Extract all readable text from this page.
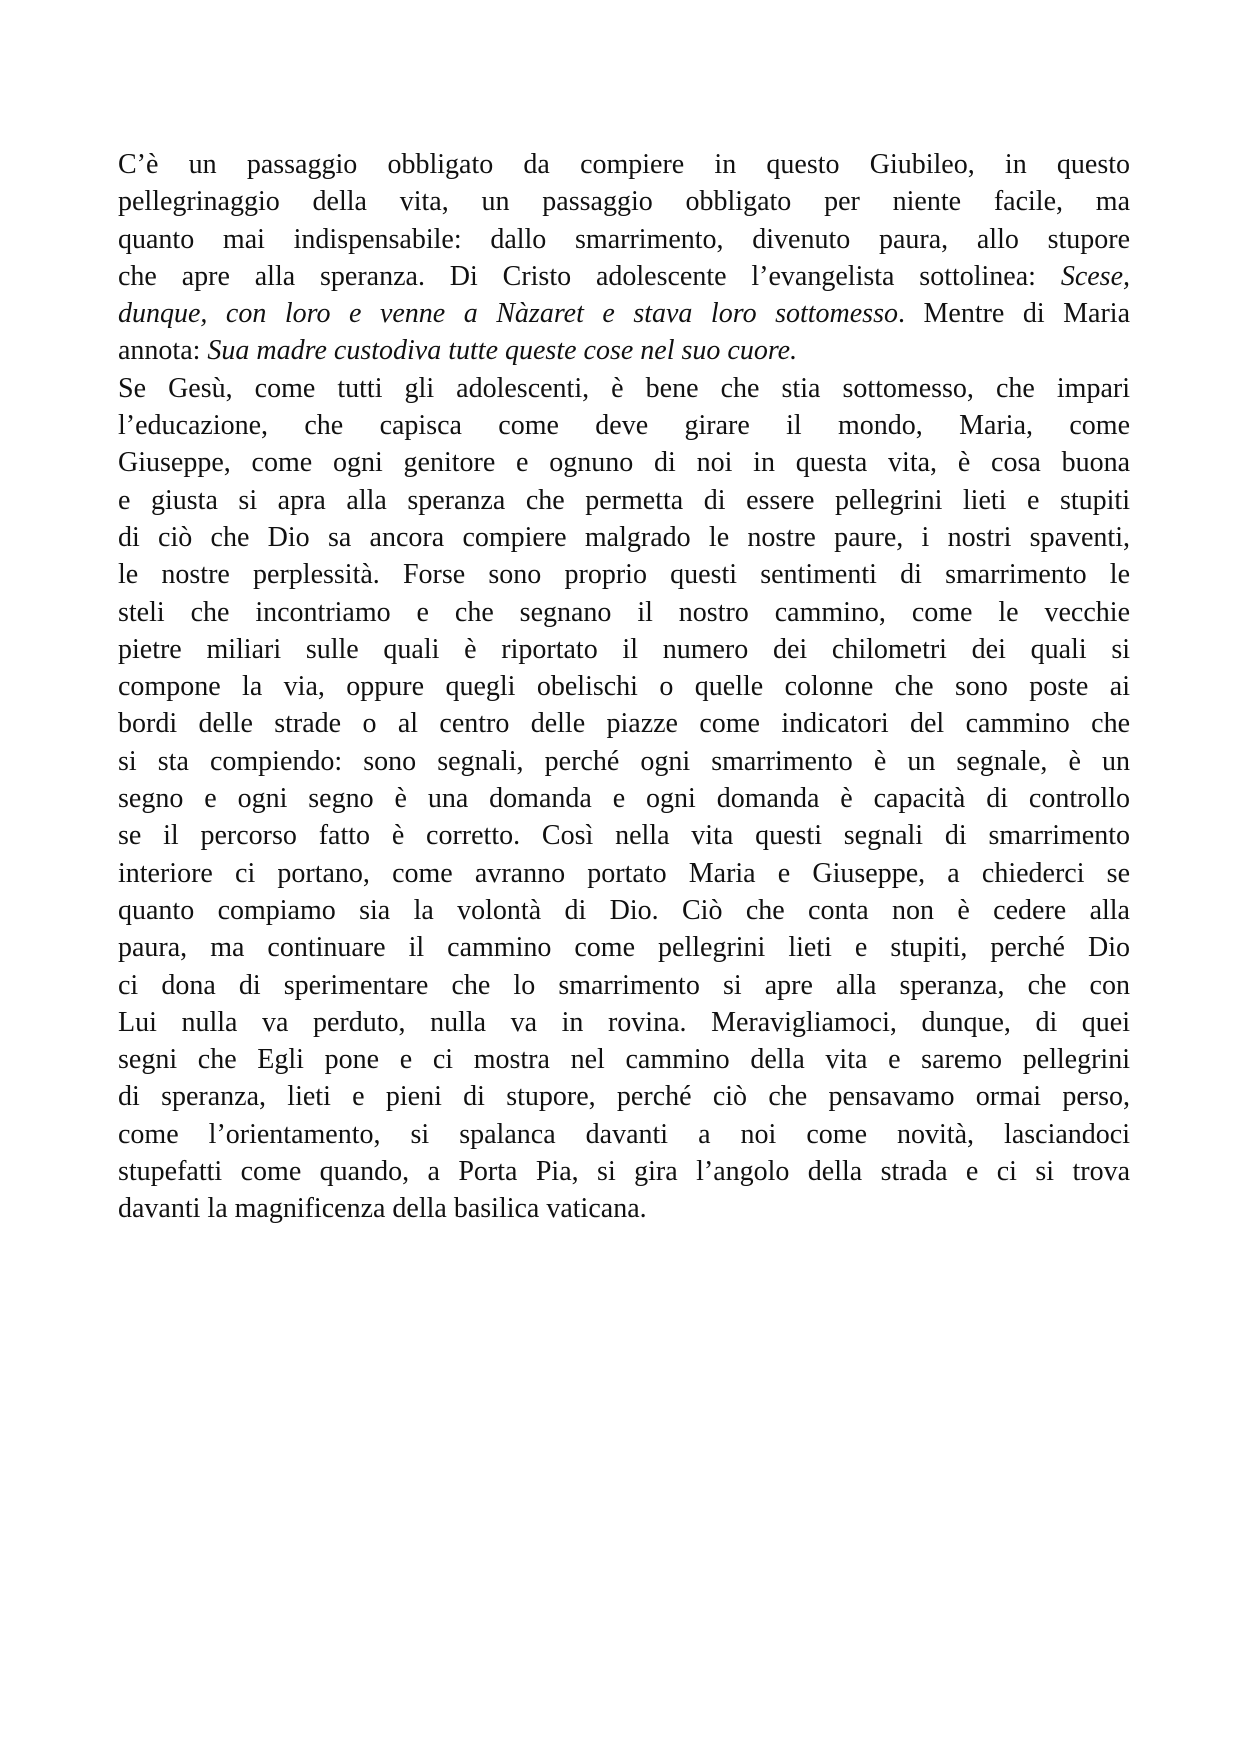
C’è un passaggio obbligato da compiere in questo Giubileo, in questo
pellegrinaggio della vita, un passaggio obbligato per niente facile, ma
quanto mai indispensabile: dallo smarrimento, divenuto paura, allo stupore
che apre alla speranza. Di Cristo adolescente l’evangelista sottolinea: Scese,
dunque, con loro e venne a Nàzaret e stava loro sottomesso. Mentre di Maria
annota: Sua madre custodiva tutte queste cose nel suo cuore.
Se Gesù, come tutti gli adolescenti, è bene che stia sottomesso, che impari
l’educazione, che capisca come deve girare il mondo, Maria, come
Giuseppe, come ogni genitore e ognuno di noi in questa vita, è cosa buona
e giusta si apra alla speranza che permetta di essere pellegrini lieti e stupiti
di ciò che Dio sa ancora compiere malgrado le nostre paure, i nostri spaventi,
le nostre perplessità. Forse sono proprio questi sentimenti di smarrimento le
steli che incontriamo e che segnano il nostro cammino, come le vecchie
pietre miliari sulle quali è riportato il numero dei chilometri dei quali si
compone la via, oppure quegli obelischi o quelle colonne che sono poste ai
bordi delle strade o al centro delle piazze come indicatori del cammino che
si sta compiendo: sono segnali, perché ogni smarrimento è un segnale, è un
segno e ogni segno è una domanda e ogni domanda è capacità di controllo
se il percorso fatto è corretto. Così nella vita questi segnali di smarrimento
interiore ci portano, come avranno portato Maria e Giuseppe, a chiederci se
quanto compiamo sia la volontà di Dio. Ciò che conta non è cedere alla
paura, ma continuare il cammino come pellegrini lieti e stupiti, perché Dio
ci dona di sperimentare che lo smarrimento si apre alla speranza, che con
Lui nulla va perduto, nulla va in rovina. Meravigliamoci, dunque, di quei
segni che Egli pone e ci mostra nel cammino della vita e saremo pellegrini
di speranza, lieti e pieni di stupore, perché ciò che pensavamo ormai perso,
come l’orientamento, si spalanca davanti a noi come novità, lasciandoci
stupefatti come quando, a Porta Pia, si gira l’angolo della strada e ci si trova
davanti la magnificenza della basilica vaticana.
